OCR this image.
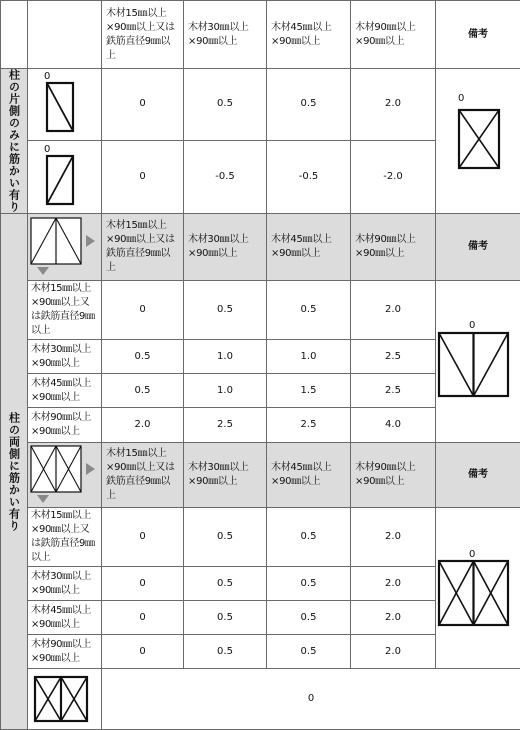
		木材15㎜以上×90㎜以上又は鉄筋直径9㎜以上	木材30㎜以上×90㎜以上	木材45㎜以上×90㎜以上	木材90㎜以上×90㎜以上	備考

柱の片側のみに筋かい有り	0	0	0.5	0.5	2.0	0

	0	0	-0.5	-0.5	-2.0	

柱の両側に筋かい有り		木材15㎜以上×90㎜以上又は鉄筋直径9㎜以上	木材30㎜以上×90㎜以上	木材45㎜以上×90㎜以上	木材90㎜以上×90㎜以上	備考
	木材15㎜以上×90㎜以上又は鉄筋直径9㎜以上	0	0.5	0.5	2.0	0

	木材30㎜以上×90㎜以上	0.5	1.0	1.0	2.5	
	木材45㎜以上×90㎜以上	0.5	1.0	1.5	2.5	
	木材90㎜以上×90㎜以上	2.0	2.5	2.5	4.0	

	木材15㎜以上×90㎜以上又は鉄筋直径9㎜以上	木材30㎜以上×90㎜以上	木材45㎜以上×90㎜以上	木材90㎜以上×90㎜以上	備考
	木材15㎜以上×90㎜以上又は鉄筋直径9㎜以上	0	0.5	0.5	2.0	0

	木材30㎜以上×90㎜以上	0	0.5	0.5	2.0	
	木材45㎜以上×90㎜以上	0	0.5	0.5	2.0	
	木材90㎜以上×90㎜以上	0	0.5	0.5	2.0	

	0				
